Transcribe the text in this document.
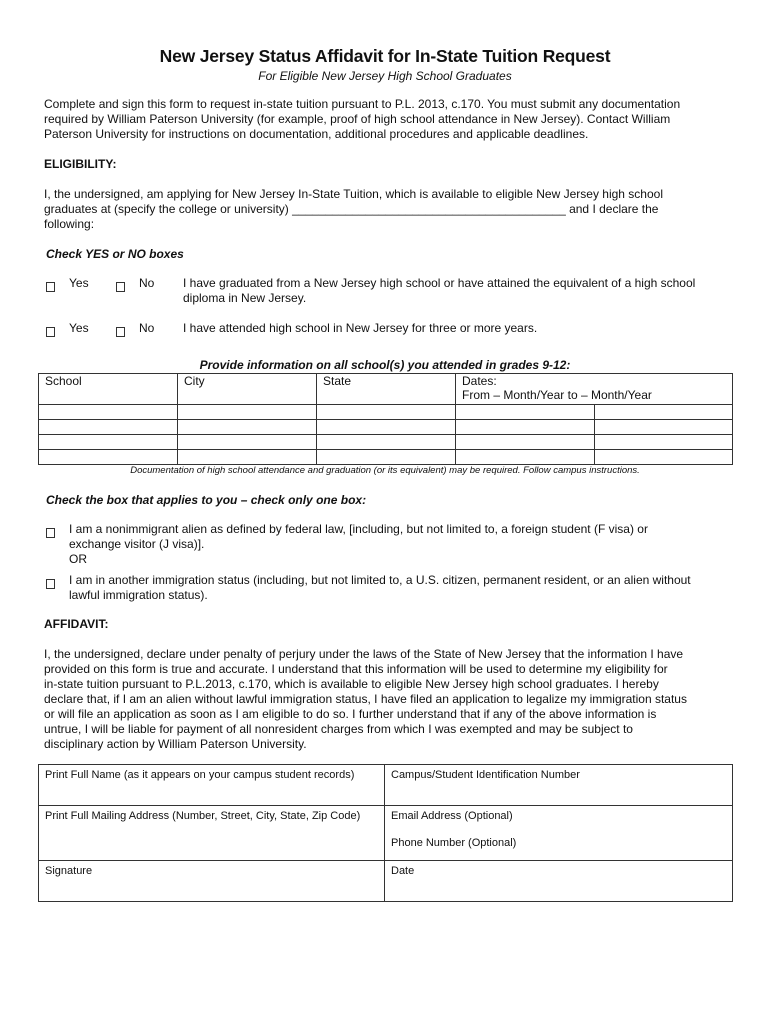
New Jersey Status Affidavit for In-State Tuition Request
For Eligible New Jersey High School Graduates
Complete and sign this form to request in-state tuition pursuant to P.L. 2013, c.170. You must submit any documentation
required by William Paterson University (for example, proof of high school attendance in New Jersey). Contact William
Paterson University for instructions on documentation, additional procedures and applicable deadlines.
ELIGIBILITY:
I, the undersigned, am applying for New Jersey In-State Tuition, which is available to eligible New Jersey high school
graduates at (specify the college or university) _________________________________________ and I declare the
following:
Check YES or NO boxes
Yes	No I have graduated from a New Jersey high school or have attained the equivalent of a high school
diploma in New Jersey.
Yes	No I have attended high school in New Jersey for three or more years.
Provide information on all school(s) you attended in grades 9-12:
School	City	State	Dates:
From – Month/Year to – Month/Year	

Documentation of high school attendance and graduation (or its equivalent) may be required. Follow campus instructions.
Check the box that applies to you – check only one box:
I am a nonimmigrant alien as defined by federal law, [including, but not limited to, a foreign student (F visa) or
exchange visitor (J visa)].
OR
I am in another immigration status (including, but not limited to, a U.S. citizen, permanent resident, or an alien without
lawful immigration status).
AFFIDAVIT:
I, the undersigned, declare under penalty of perjury under the laws of the State of New Jersey that the information I have
provided on this form is true and accurate. I understand that this information will be used to determine my eligibility for
in-state tuition pursuant to P.L.2013, c.170, which is available to eligible New Jersey high school graduates. I hereby
declare that, if I am an alien without lawful immigration status, I have filed an application to legalize my immigration status
or will file an application as soon as I am eligible to do so. I further understand that if any of the above information is
untrue, I will be liable for payment of all nonresident charges from which I was exempted and may be subject to
disciplinary action by William Paterson University.
Print Full Name (as it appears on your campus student records)	Campus/Student Identification Number
Print Full Mailing Address (Number, Street, City, State, Zip Code)	Email Address (Optional)
Phone Number (Optional)

Signature	Date
